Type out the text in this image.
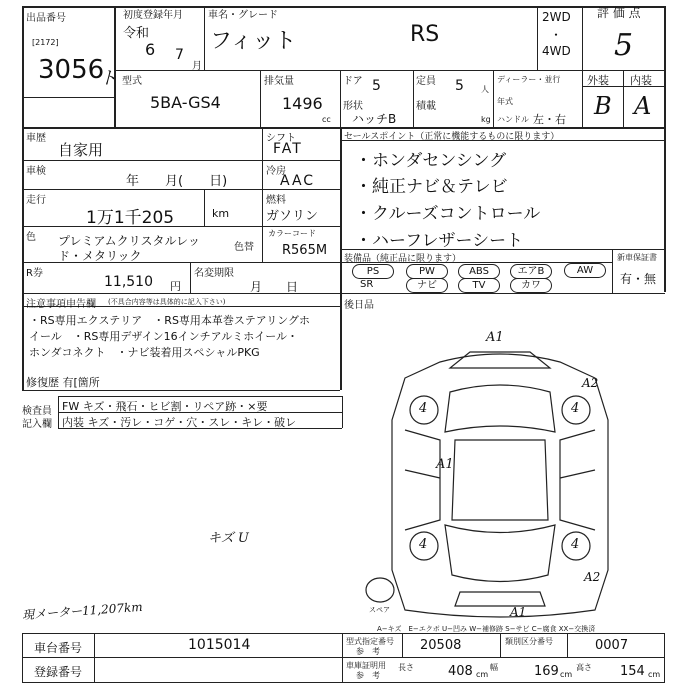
出品番号
[2172]
3056
ト
初度登録年月
令和
6 7
月
車名・グレード
フィット	RS
2WD
・
4WD
評 価 点
5
外装 内装
B A
型式
5BA-GS4
排気量
1496
cc
ドア 5	定員 5 人
形状
ハッチB
積載
kg
ディーラー・並行
年式
ハンドル 左・右
車歴
自家用
車検
年　　月(　　日)
シフト
FAT
冷房
AAC
燃料
ガソリン
走行
1万1千205	km
色 プレミアムクリスタルレッ
ド・メタリック
色替
カラーコード
R565M
R券
11,510 円
名変期限
月　　日
セールスポイント（正常に機能するものに限ります）
・ホンダセンシング
・純正ナビ＆テレビ
・クルーズコントロール
・ハーフレザーシート
装備品（純正品に限ります）
PS	PW	ABS	エアB	AW
SR	ナビ	TV	カワ
新車保証書
有・無
後日品
注意事項申告欄 (不具合内容等は具体的に記入下さい)
・RS専用エクステリア　・RS専用本革巻ステアリングホ
イール　・RS専用デザイン16インチアルミホイール・
ホンダコネクト　・ナビ装着用スペシャルPKG
修復歴 有[箇所
検査員
記入欄
FW キズ・飛石・ヒビ割・リペア跡・×要
内装 キズ・汚レ・コゲ・穴・スレ・キレ・破レ
キズ U
現メーター11,207km
A1
A2
4	4
A1
4	4
A2
A1
スペア
A−キズ　E−エクボ U−凹み W−補修跡 S−サビ C−腐食 XX−交換済
車台番号	1015014
登録番号
型式指定番号
参　考	20508	類別区分番号	0007
車庫証明用
参　考
長さ	408 cm
幅	169 cm
高さ 154 cm
